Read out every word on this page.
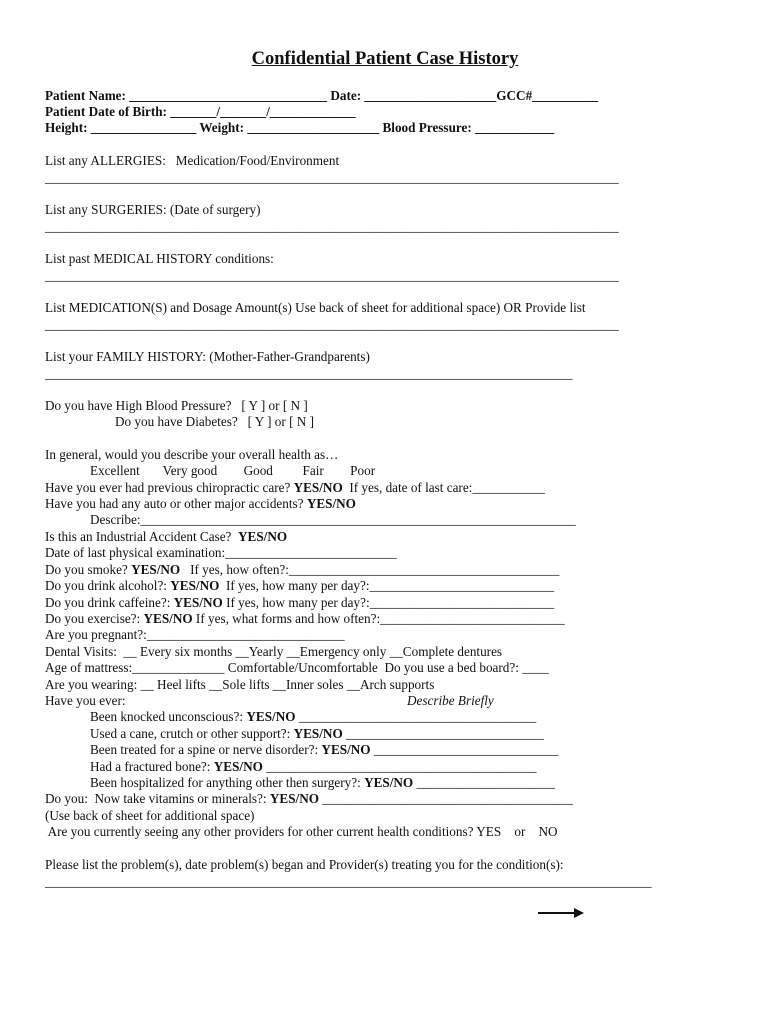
Confidential Patient Case History
Patient Name: ______________________________ Date: ____________________GCC#__________
Patient Date of Birth: _______/_______/_____________
Height: ________________ Weight: ____________________ Blood Pressure: ____________
List any ALLERGIES:   Medication/Food/Environment
_______________________________________________________________________________________
List any SURGERIES: (Date of surgery)
_______________________________________________________________________________________
List past MEDICAL HISTORY conditions:
_______________________________________________________________________________________
List MEDICATION(S) and Dosage Amount(s) Use back of sheet for additional space) OR Provide list
_______________________________________________________________________________________
List your FAMILY HISTORY: (Mother-Father-Grandparents)
________________________________________________________________________________
Do you have High Blood Pressure?   [ Y ] or [ N ]
Do you have Diabetes?   [ Y ] or [ N ]
In general, would you describe your overall health as…
Excellent       Very good        Good         Fair        Poor
Have you ever had previous chiropractic care? YES/NO  If yes, date of last care:___________
Have you had any auto or other major accidents? YES/NO
Describe:__________________________________________________________________
Is this an Industrial Accident Case?  YES/NO
Date of last physical examination:__________________________
Do you smoke? YES/NO   If yes, how often?:_________________________________________
Do you drink alcohol?: YES/NO  If yes, how many per day?:____________________________
Do you drink caffeine?: YES/NO If yes, how many per day?:____________________________
Do you exercise?: YES/NO If yes, what forms and how often?:____________________________
Are you pregnant?:______________________________
Dental Visits:  __ Every six months __Yearly __Emergency only __Complete dentures
Age of mattress:______________ Comfortable/Uncomfortable  Do you use a bed board?: ____
Are you wearing: __ Heel lifts __Sole lifts __Inner soles __Arch supports
Have you ever:	Describe Briefly
Been knocked unconscious?: YES/NO ____________________________________
Used a cane, crutch or other support?: YES/NO ______________________________
Been treated for a spine or nerve disorder?: YES/NO ____________________________
Had a fractured bone?: YES/NO _________________________________________
Been hospitalized for anything other then surgery?: YES/NO _____________________
Do you:  Now take vitamins or minerals?: YES/NO ______________________________________
(Use back of sheet for additional space)
Are you currently seeing any other providers for other current health conditions? YES    or    NO
Please list the problem(s), date problem(s) began and Provider(s) treating you for the condition(s):
____________________________________________________________________________________________
